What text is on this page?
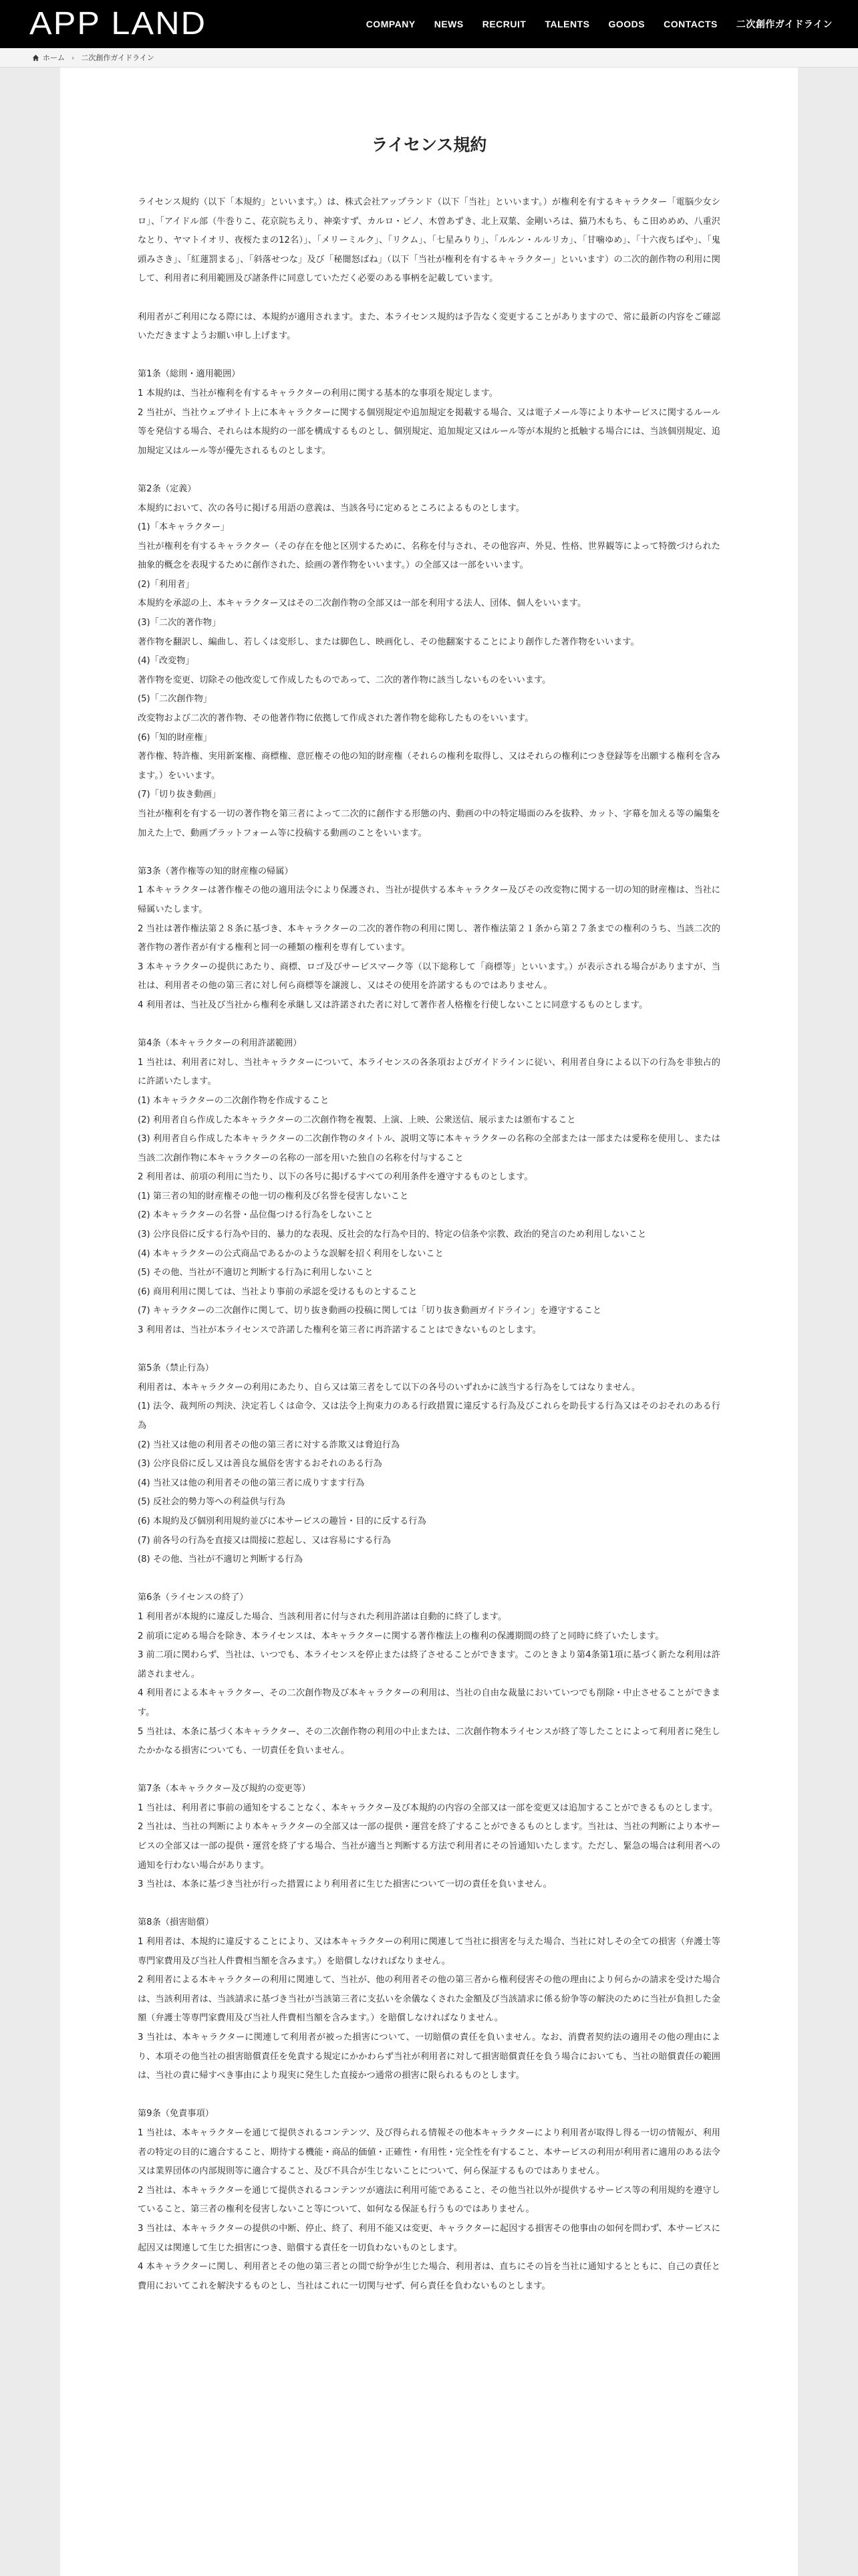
APP LAND	COMPANY	NEWS	RECRUIT	TALENTS	GOODS	CONTACTS	二次創作ガイドライン
ホーム › 二次創作ガイドライン
ライセンス規約

ライセンス規約（以下「本規約」といいます。）は、株式会社アップランド（以下「当社」といいます。）が権利を有するキャラクター「電脳少女シロ」、「アイドル部（牛巻りこ、花京院ちえり、神楽すず、カルロ・ピノ、木曽あずき、北上双葉、金剛いろは、猫乃木もち、もこ田めめめ、八重沢なとり、ヤマトイオリ、夜桜たまの12名）」、「メリーミルク」、「リクム」、「七星みりり」、「ルルン・ルルリカ」、「甘噛ゆめ」、「十六夜ちばや」、「鬼頭みさき」、「紅蓮罰まる」、「斜落せつな」及び「秘闇怒ばね」（以下「当社が権利を有するキャラクター」といいます）の二次的創作物の利用に関して、利用者に利用範囲及び諸条件に同意していただく必要のある事柄を記載しています。

利用者がご利用になる際には、本規約が適用されます。また、本ライセンス規約は予告なく変更することがありますので、常に最新の内容をご確認いただきますようお願い申し上げます。

第1条（総則・適用範囲）
1 本規約は、当社が権利を有するキャラクターの利用に関する基本的な事項を規定します。
2 当社が、当社ウェブサイト上に本キャラクターに関する個別規定や追加規定を掲載する場合、又は電子メール等により本サービスに関するルール等を発信する場合、それらは本規約の一部を構成するものとし、個別規定、追加規定又はルール等が本規約と抵触する場合には、当該個別規定、追加規定又はルール等が優先されるものとします。
第2条（定義）
本規約において、次の各号に掲げる用語の意義は、当該各号に定めるところによるものとします。
(1)「本キャラクター」
当社が権利を有するキャラクター（その存在を他と区別するために、名称を付与され、その他容声、外見、性格、世界観等によって特徴づけられた抽象的概念を表現するために創作された、絵画の著作物をいいます。）の全部又は一部をいいます。
(2)「利用者」
本規約を承認の上、本キャラクター又はその二次創作物の全部又は一部を利用する法人、団体、個人をいいます。
(3)「二次的著作物」
著作物を翻訳し、編曲し、若しくは変形し、または脚色し、映画化し、その他翻案することにより創作した著作物をいいます。
(4)「改変物」
著作物を変更、切除その他改変して作成したものであって、二次的著作物に該当しないものをいいます。
(5)「二次創作物」
改変物および二次的著作物、その他著作物に依拠して作成された著作物を総称したものをいいます。
(6)「知的財産権」
著作権、特許権、実用新案権、商標権、意匠権その他の知的財産権（それらの権利を取得し、又はそれらの権利につき登録等を出願する権利を含みます。）をいいます。
(7)「切り抜き動画」
当社が権利を有する一切の著作物を第三者によって二次的に創作する形態の内、動画の中の特定場面のみを抜粋、カット、字幕を加える等の編集を加えた上で、動画プラットフォーム等に投稿する動画のことをいいます。
第3条（著作権等の知的財産権の帰属）
1 本キャラクターは著作権その他の適用法令により保護され、当社が提供する本キャラクター及びその改変物に関する一切の知的財産権は、当社に帰属いたします。
2 当社は著作権法第２８条に基づき、本キャラクターの二次的著作物の利用に関し、著作権法第２１条から第２７条までの権利のうち、当該二次的著作物の著作者が有する権利と同一の種類の権利を専有しています。
3 本キャラクターの提供にあたり、商標、ロゴ及びサービスマーク等（以下総称して「商標等」といいます。）が表示される場合がありますが、当社は、利用者その他の第三者に対し何ら商標等を譲渡し、又はその使用を許諾するものではありません。
4 利用者は、当社及び当社から権利を承継し又は許諾された者に対して著作者人格権を行使しないことに同意するものとします。
第4条（本キャラクターの利用許諾範囲）
1 当社は、利用者に対し、当社キャラクターについて、本ライセンスの各条項およびガイドラインに従い、利用者自身による以下の行為を非独占的に許諾いたします。
(1) 本キャラクターの二次創作物を作成すること
(2) 利用者自ら作成した本キャラクターの二次創作物を複製、上演、上映、公衆送信、展示または頒布すること
(3) 利用者自ら作成した本キャラクターの二次創作物のタイトル、説明文等に本キャラクターの名称の全部または一部または愛称を使用し、または当該二次創作物に本キャラクターの名称の一部を用いた独自の名称を付与すること
2 利用者は、前項の利用に当たり、以下の各号に掲げるすべての利用条件を遵守するものとします。
(1) 第三者の知的財産権その他一切の権利及び名誉を侵害しないこと
(2) 本キャラクターの名誉・品位傷つける行為をしないこと
(3) 公序良俗に反する行為や目的、暴力的な表現、反社会的な行為や目的、特定の信条や宗教、政治的発言のため利用しないこと
(4) 本キャラクターの公式商品であるかのような誤解を招く利用をしないこと
(5) その他、当社が不適切と判断する行為に利用しないこと
(6) 商用利用に関しては、当社より事前の承認を受けるものとすること
(7) キャラクターの二次創作に関して、切り抜き動画の投稿に関しては「切り抜き動画ガイドライン」を遵守すること
3 利用者は、当社が本ライセンスで許諾した権利を第三者に再許諾することはできないものとします。
第5条（禁止行為）
利用者は、本キャラクターの利用にあたり、自ら又は第三者をして以下の各号のいずれかに該当する行為をしてはなりません。
(1) 法令、裁判所の判決、決定若しくは命令、又は法令上拘束力のある行政措置に違反する行為及びこれらを助長する行為又はそのおそれのある行為
(2) 当社又は他の利用者その他の第三者に対する詐欺又は脅迫行為
(3) 公序良俗に反し又は善良な風俗を害するおそれのある行為
(4) 当社又は他の利用者その他の第三者に成りすます行為
(5) 反社会的勢力等への利益供与行為
(6) 本規約及び個別利用規約並びに本サービスの趣旨・目的に反する行為
(7) 前各号の行為を直接又は間接に惹起し、又は容易にする行為
(8) その他、当社が不適切と判断する行為
第6条（ライセンスの終了）
1 利用者が本規約に違反した場合、当該利用者に付与された利用許諾は自動的に終了します。
2 前項に定める場合を除き、本ライセンスは、本キャラクターに関する著作権法上の権利の保護期間の終了と同時に終了いたします。
3 前二項に関わらず、当社は、いつでも、本ライセンスを停止または終了させることができます。このときより第4条第1項に基づく新たな利用は許諾されません。
4 利用者による本キャラクター、その二次創作物及び本キャラクターの利用は、当社の自由な裁量においていつでも削除・中止させることができます。
5 当社は、本条に基づく本キャラクター、その二次創作物の利用の中止または、二次創作物本ライセンスが終了等したことによって利用者に発生したかかなる損害についても、一切責任を負いません。
第7条（本キャラクター及び規約の変更等）
1 当社は、利用者に事前の通知をすることなく、本キャラクター及び本規約の内容の全部又は一部を変更又は追加することができるものとします。
2 当社は、当社の判断により本キャラクターの全部又は一部の提供・運営を終了することができるものとします。当社は、当社の判断により本サービスの全部又は一部の提供・運営を終了する場合、当社が適当と判断する方法で利用者にその旨通知いたします。ただし、緊急の場合は利用者への通知を行わない場合があります。
3 当社は、本条に基づき当社が行った措置により利用者に生じた損害について一切の責任を負いません。
第8条（損害賠償）
1 利用者は、本規約に違反することにより、又は本キャラクターの利用に関連して当社に損害を与えた場合、当社に対しその全ての損害（弁護士等専門家費用及び当社人件費相当額を含みます。）を賠償しなければなりません。
2 利用者による本キャラクターの利用に関連して、当社が、他の利用者その他の第三者から権利侵害その他の理由により何らかの請求を受けた場合は、当該利用者は、当該請求に基づき当社が当該第三者に支払いを余儀なくされた金額及び当該請求に係る紛争等の解決のために当社が負担した金額（弁護士等専門家費用及び当社人件費相当額を含みます。）を賠償しなければなりません。
3 当社は、本キャラクターに関連して利用者が被った損害について、一切賠償の責任を負いません。なお、消費者契約法の適用その他の理由により、本項その他当社の損害賠償責任を免責する規定にかかわらず当社が利用者に対して損害賠償責任を負う場合においても、当社の賠償責任の範囲は、当社の責に帰すべき事由により現実に発生した直接かつ通常の損害に限られるものとします。
第9条（免責事項）
1 当社は、本キャラクターを通じて提供されるコンテンツ、及び得られる情報その他本キャラクターにより利用者が取得し得る一切の情報が、利用者の特定の目的に適合すること、期待する機能・商品的価値・正確性・有用性・完全性を有すること、本サービスの利用が利用者に適用のある法令又は業界団体の内部規則等に適合すること、及び不具合が生じないことについて、何ら保証するものではありません。
2 当社は、本キャラクターを通じて提供されるコンテンツが適法に利用可能であること、その他当社以外が提供するサービス等の利用規約を遵守していること、第三者の権利を侵害しないこと等について、如何なる保証も行うものではありません。
3 当社は、本キャラクターの提供の中断、停止、終了、利用不能又は変更、キャラクターに起因する損害その他事由の如何を問わず、本サービスに起因又は関連して生じた損害につき、賠償する責任を一切負わないものとします。
4 本キャラクターに関し、利用者とその他の第三者との間で紛争が生じた場合、利用者は、直ちにその旨を当社に通知するとともに、自己の責任と費用においてこれを解決するものとし、当社はこれに一切関与せず、何ら責任を負わないものとします。
